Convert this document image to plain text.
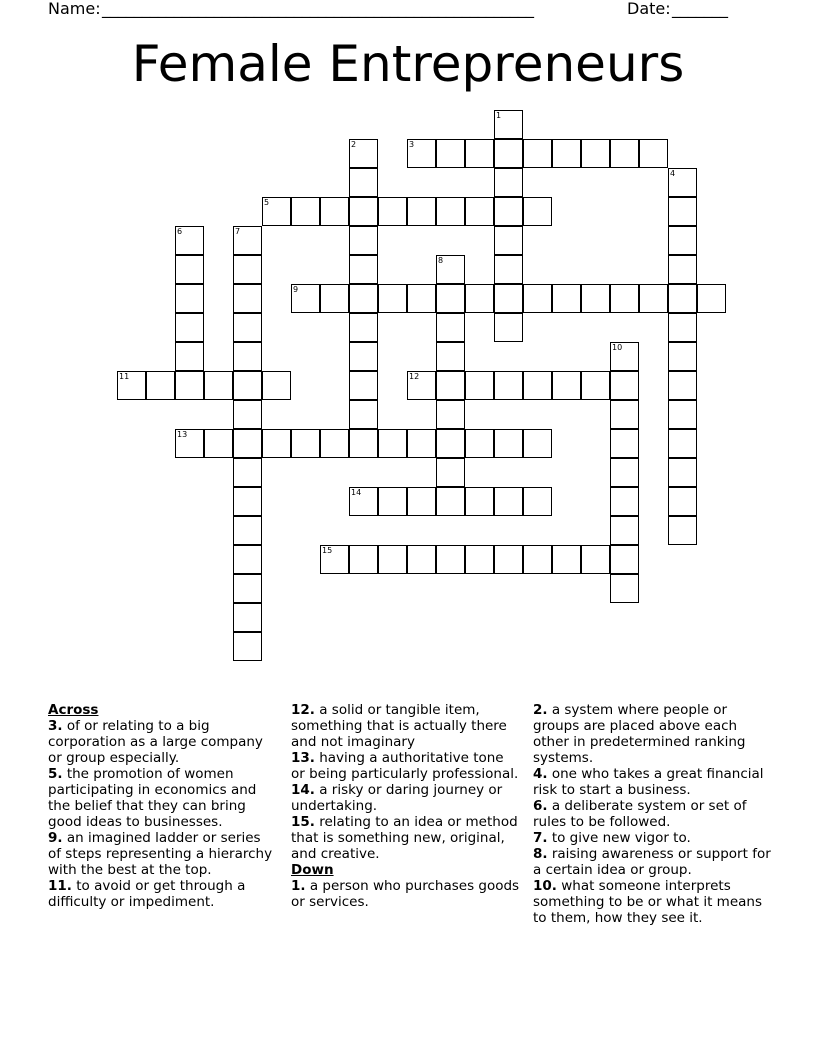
Name: ______________________________________________________	Date: _______
Female Entrepreneurs
1
2	3
4
5
6	7
8
9
10
11	12
13
14
15
Across

3. of or relating to a big corporation as a large company or group especially.

5. the promotion of women participating in economics and the belief that they can bring good ideas to businesses.

9. an imagined ladder or series of steps representing a hierarchy with the best at the top.

11. to avoid or get through a difficulty or impediment.

12. a solid or tangible item, something that is actually there and not imaginary

13. having a authoritative tone or being particularly professional.

14. a risky or daring journey or undertaking.

15. relating to an idea or method that is something new, original, and creative.

Down

1. a person who purchases goods or services.

2. a system where people or groups are placed above each other in predetermined ranking systems.

4. one who takes a great financial risk to start a business.

6. a deliberate system or set of rules to be followed.

7. to give new vigor to.

8. raising awareness or support for a certain idea or group.

10. what someone interprets something to be or what it means to them, how they see it.
